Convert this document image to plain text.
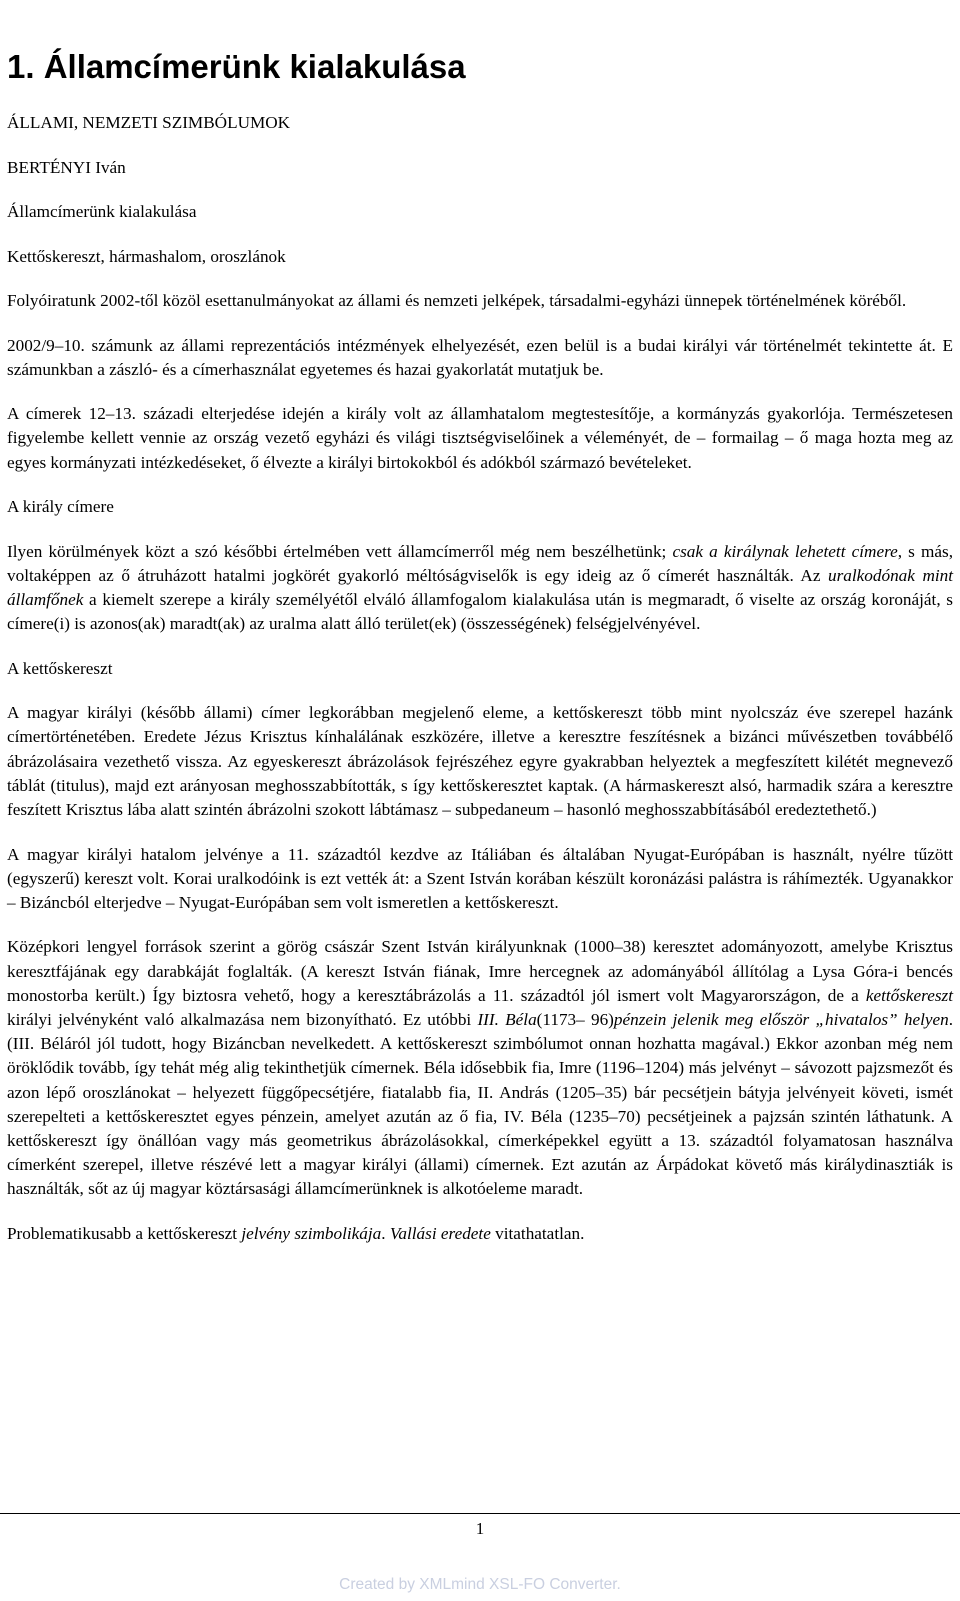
1. Államcímerünk kialakulása

ÁLLAMI, NEMZETI SZIMBÓLUMOK

BERTÉNYI Iván

Államcímerünk kialakulása

Kettőskereszt, hármashalom, oroszlánok

Folyóiratunk 2002-től közöl esettanulmányokat az állami és nemzeti jelképek, társadalmi-egyházi ünnepek történelmének köréből.

2002/9–10. számunk az állami reprezentációs intézmények elhelyezését, ezen belül is a budai királyi vár történelmét tekintette át. E számunkban a zászló- és a címerhasználat egyetemes és hazai gyakorlatát mutatjuk be.

A címerek 12–13. századi elterjedése idején a király volt az államhatalom megtestesítője, a kormányzás gyakorlója. Természetesen figyelembe kellett vennie az ország vezető egyházi és világi tisztségviselőinek a véleményét, de – formailag – ő maga hozta meg az egyes kormányzati intézkedéseket, ő élvezte a királyi birtokokból és adókból származó bevételeket.

A király címere

Ilyen körülmények közt a szó későbbi értelmében vett államcímerről még nem beszélhetünk; csak a királynak lehetett címere, s más, voltaképpen az ő átruházott hatalmi jogkörét gyakorló méltóságviselők is egy ideig az ő címerét használták. Az uralkodónak mint államfőnek a kiemelt szerepe a király személyétől elváló államfogalom kialakulása után is megmaradt, ő viselte az ország koronáját, s címere(i) is azonos(ak) maradt(ak) az uralma alatt álló terület(ek) (összességének) felségjelvényével.

A kettőskereszt

A magyar királyi (később állami) címer legkorábban megjelenő eleme, a kettőskereszt több mint nyolcszáz éve szerepel hazánk címertörténetében. Eredete Jézus Krisztus kínhalálának eszközére, illetve a keresztre feszítésnek a bizánci művészetben továbbélő ábrázolásaira vezethető vissza. Az egyeskereszt ábrázolások fejrészéhez egyre gyakrabban helyeztek a megfeszített kilétét megnevező táblát (titulus), majd ezt arányosan meghosszabbították, s így kettőskeresztet kaptak. (A hármaskereszt alsó, harmadik szára a keresztre feszített Krisztus lába alatt szintén ábrázolni szokott lábtámasz – subpedaneum – hasonló meghosszabbításából eredeztethető.)

A magyar királyi hatalom jelvénye a 11. századtól kezdve az Itáliában és általában Nyugat-Európában is használt, nyélre tűzött (egyszerű) kereszt volt. Korai uralkodóink is ezt vették át: a Szent István korában készült koronázási palástra is ráhímezték. Ugyanakkor – Bizáncból elterjedve – Nyugat-Európában sem volt ismeretlen a kettőskereszt.

Középkori lengyel források szerint a görög császár Szent István királyunknak (1000–38) keresztet adományozott, amelybe Krisztus keresztfájának egy darabkáját foglalták. (A kereszt István fiának, Imre hercegnek az adományából állítólag a Lysa Góra-i bencés monostorba került.) Így biztosra vehető, hogy a keresztábrázolás a 11. századtól jól ismert volt Magyarországon, de a kettőskereszt királyi jelvényként való alkalmazása nem bizonyítható. Ez utóbbi III. Béla(1173– 96)pénzein jelenik meg először „hivatalos” helyen. (III. Béláról jól tudott, hogy Bizáncban nevelkedett. A kettőskereszt szimbólumot onnan hozhatta magával.) Ekkor azonban még nem öröklődik tovább, így tehát még alig tekinthetjük címernek. Béla idősebbik fia, Imre (1196–1204) más jelvényt – sávozott pajzsmezőt és azon lépő oroszlánokat – helyezett függőpecsétjére, fiatalabb fia, II. András (1205–35) bár pecsétjein bátyja jelvényeit követi, ismét szerepelteti a kettőskeresztet egyes pénzein, amelyet azután az ő fia, IV. Béla (1235–70) pecsétjeinek a pajzsán szintén láthatunk. A kettőskereszt így önállóan vagy más geometrikus ábrázolásokkal, címerképekkel együtt a 13. századtól folyamatosan használva címerként szerepel, illetve részévé lett a magyar királyi (állami) címernek. Ezt azután az Árpádokat követő más királydinasztiák is használták, sőt az új magyar köztársasági államcímerünknek is alkotóeleme maradt.

Problematikusabb a kettőskereszt jelvény szimbolikája. Vallási eredete vitathatatlan.

1
Created by XMLmind XSL-FO Converter.
